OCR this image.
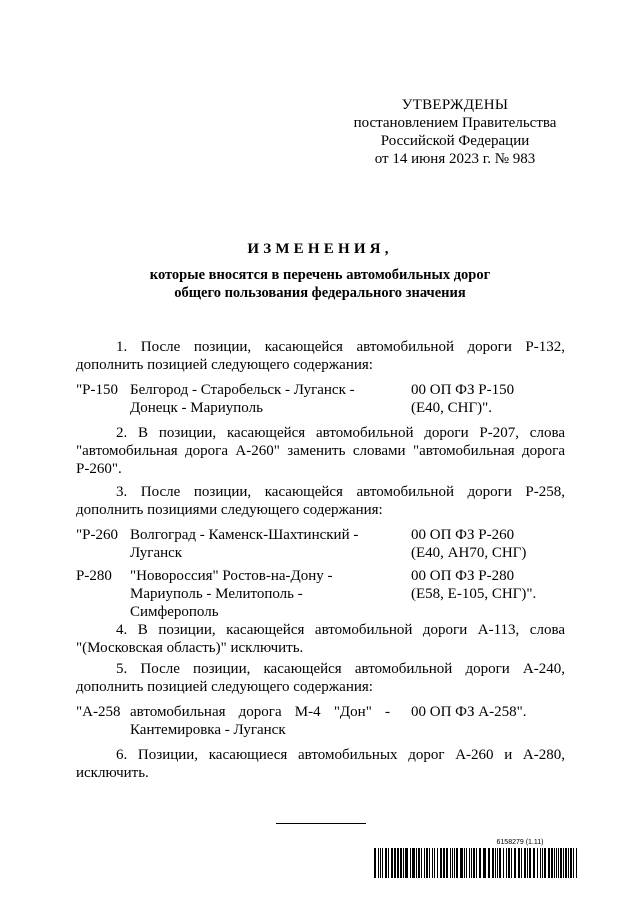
УТВЕРЖДЕНЫ
постановлением Правительства
Российской Федерации
от 14 июня 2023 г. № 983
ИЗМЕНЕНИЯ,
которые вносятся в перечень автомобильных дорог
общего пользования федерального значения
1. После позиции, касающейся автомобильной дороги Р-132,
дополнить позицией следующего содержания:
"Р-150 Белгород - Старобельск - Луганск -
Донецк - Мариуполь
00 ОП ФЗ Р-150
(Е40, СНГ)".
2. В позиции, касающейся автомобильной дороги Р-207, слова
"автомобильная дорога А-260" заменить словами "автомобильная дорога
Р-260".
3. После позиции, касающейся автомобильной дороги Р-258,
дополнить позициями следующего содержания:
"Р-260 Волгоград - Каменск-Шахтинский -
Луганск
00 ОП ФЗ Р-260
(Е40, АН70, СНГ)
Р-280 "Новороссия" Ростов-на-Дону -
Мариуполь - Мелитополь -
Симферополь
00 ОП ФЗ Р-280
(Е58, Е-105, СНГ)".
4. В позиции, касающейся автомобильной дороги А-113, слова
"(Московская область)" исключить.
5. После позиции, касающейся автомобильной дороги А-240,
дополнить позицией следующего содержания:
"А-258 автомобильная дорога М-4 "Дон" -
Кантемировка - Луганск
00 ОП ФЗ А-258".
6. Позиции, касающиеся автомобильных дорог А-260 и А-280,
исключить.
6158279 (1.11)
